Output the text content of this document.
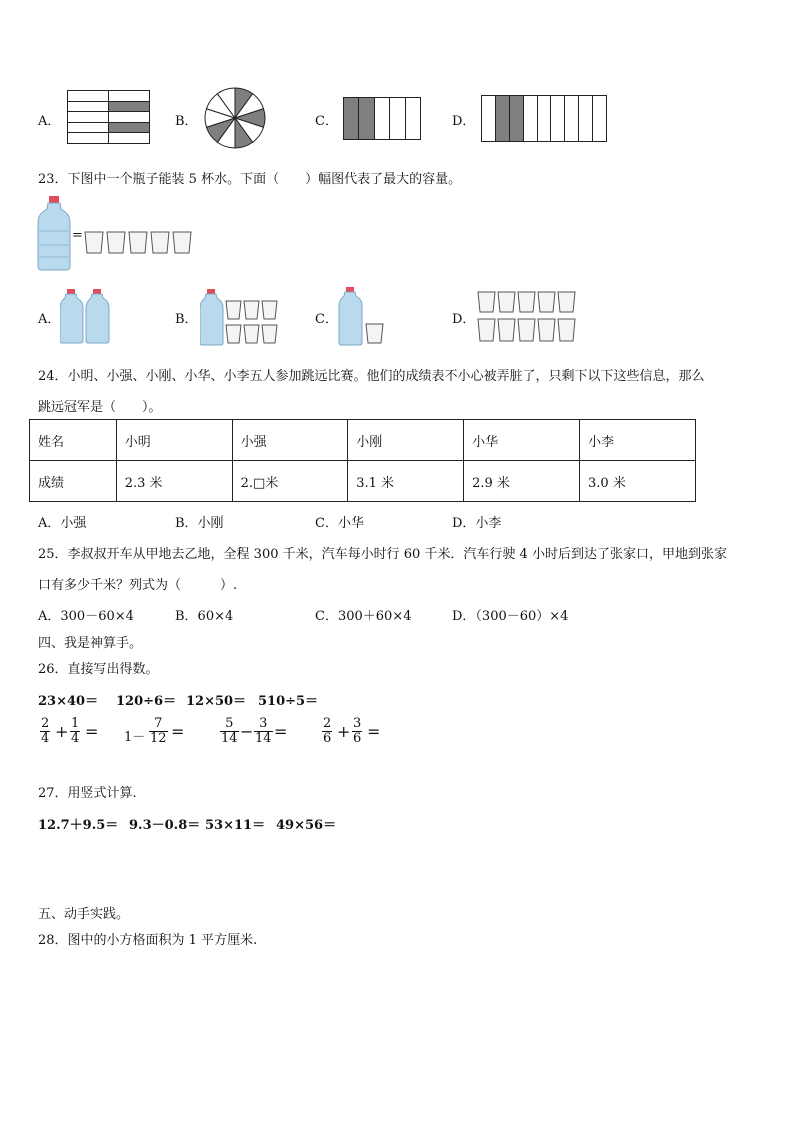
A．	B．	C．	D．
23．下图中一个瓶子能装 5 杯水。下面（　　）幅图代表了最大的容量。
=
A．	B．	C．	D．
24．小明、小强、小刚、小华、小李五人参加跳远比赛。他们的成绩表不小心被弄脏了，只剩下以下这些信息，那么
跳远冠军是（　　）。
姓名	小明	小强	小刚	小华	小李
成绩	2.3 米	2.□米	3.1 米	2.9 米	3.0 米
A．小强	B．小刚	C．小华	D．小李
25．李叔叔开车从甲地去乙地，全程 300 千米，汽车每小时行 60 千米．汽车行驶 4 小时后到达了张家口，甲地到张家
口有多少千米？列式为（　　　）.
A．300－60×4	B．60×4	C．300＋60×4	D．（300－60）×4
四、我是神算手。
26．直接写出得数。
23×40＝ 120÷6＝ 12×50＝ 510÷5＝
2
4 + 1
4 = 1－
7
12 =	5
14 − 3
14 =	2
6 + 3
6 =
27．用竖式计算.
12.7＋9.5＝ 9.3－0.8＝ 53×11＝ 49×56＝
五、动手实践。
28．图中的小方格面积为 1 平方厘米.
